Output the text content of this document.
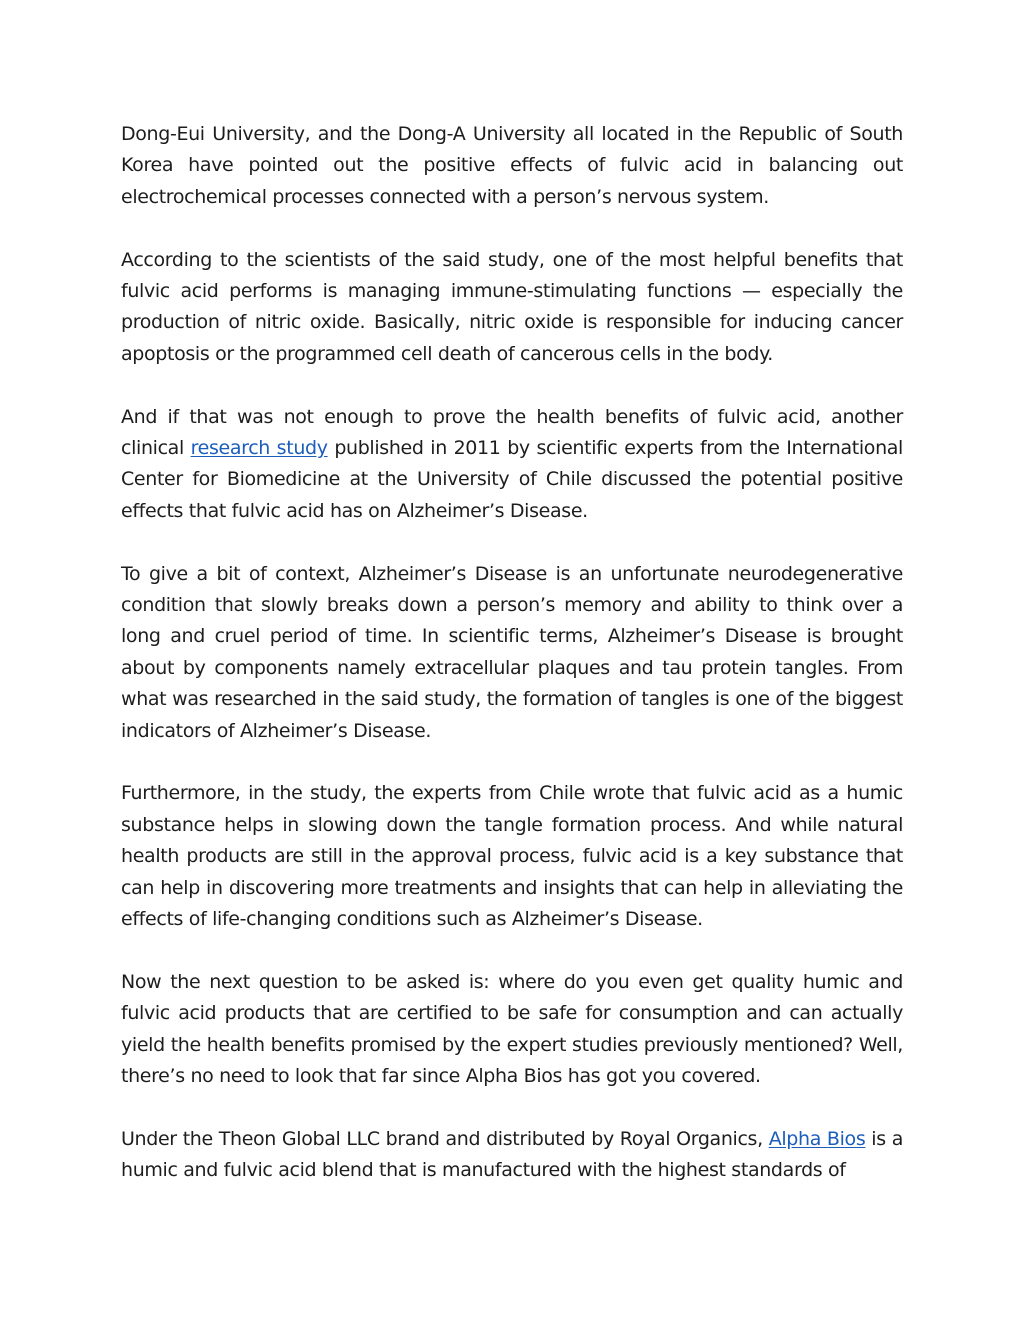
Dong-Eui University, and the Dong-A University all located in the Republic of South Korea have pointed out the positive effects of fulvic acid in balancing out electrochemical processes connected with a person’s nervous system.

According to the scientists of the said study, one of the most helpful benefits that fulvic acid performs is managing immune-stimulating functions — especially the production of nitric oxide. Basically, nitric oxide is responsible for inducing cancer apoptosis or the programmed cell death of cancerous cells in the body.

And if that was not enough to prove the health benefits of fulvic acid, another clinical research study published in 2011 by scientific experts from the International Center for Biomedicine at the University of Chile discussed the potential positive effects that fulvic acid has on Alzheimer’s Disease.

To give a bit of context, Alzheimer’s Disease is an unfortunate neurodegenerative condition that slowly breaks down a person’s memory and ability to think over a long and cruel period of time. In scientific terms, Alzheimer’s Disease is brought about by components namely extracellular plaques and tau protein tangles. From what was researched in the said study, the formation of tangles is one of the biggest indicators of Alzheimer’s Disease.

Furthermore, in the study, the experts from Chile wrote that fulvic acid as a humic substance helps in slowing down the tangle formation process. And while natural health products are still in the approval process, fulvic acid is a key substance that can help in discovering more treatments and insights that can help in alleviating the effects of life-changing conditions such as Alzheimer’s Disease.

Now the next question to be asked is: where do you even get quality humic and fulvic acid products that are certified to be safe for consumption and can actually yield the health benefits promised by the expert studies previously mentioned? Well, there’s no need to look that far since Alpha Bios has got you covered.

Under the Theon Global LLC brand and distributed by Royal Organics, Alpha Bios is a humic and fulvic acid blend that is manufactured with the highest standards of
